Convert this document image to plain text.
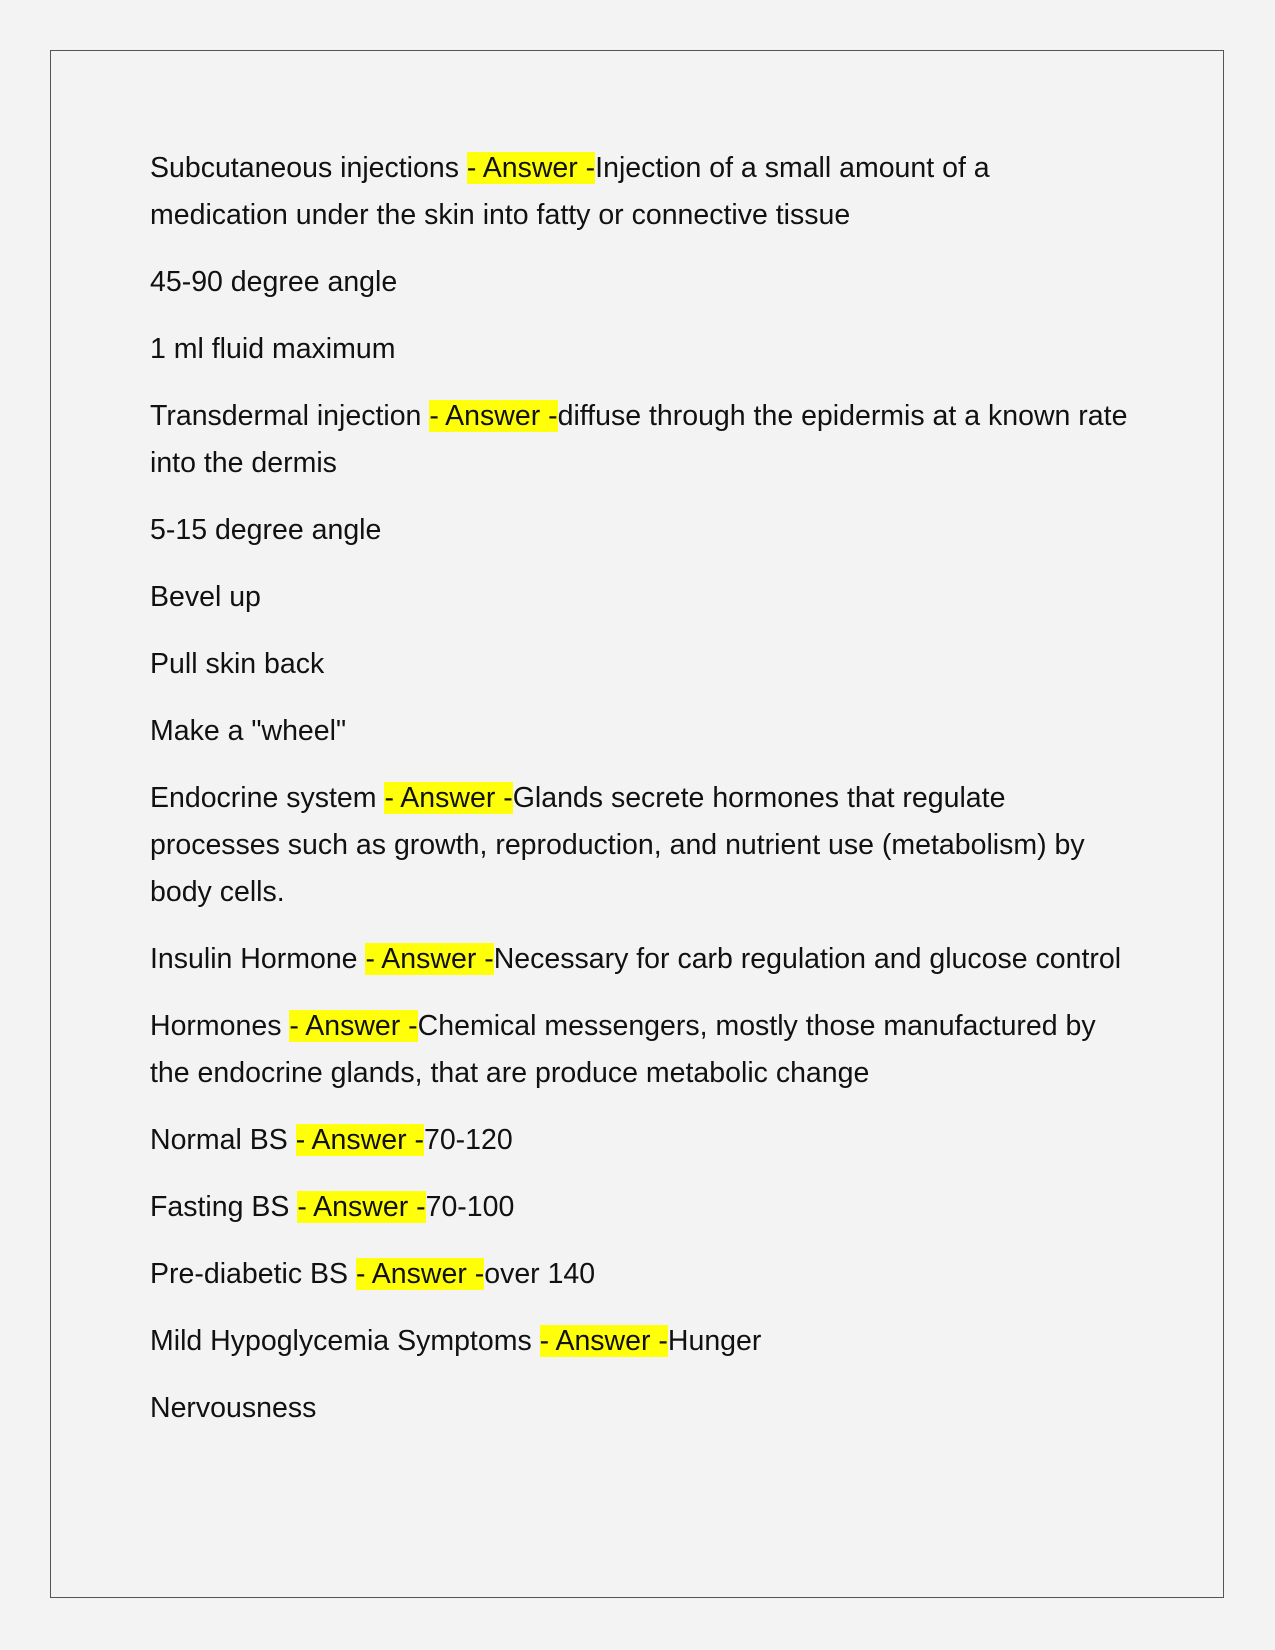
Subcutaneous injections - Answer -Injection of a small amount of a medication under the skin into fatty or connective tissue

45-90 degree angle

1 ml fluid maximum

Transdermal injection - Answer -diffuse through the epidermis at a known rate into the dermis

5-15 degree angle

Bevel up

Pull skin back

Make a "wheel"

Endocrine system - Answer -Glands secrete hormones that regulate processes such as growth, reproduction, and nutrient use (metabolism) by body cells.

Insulin Hormone - Answer -Necessary for carb regulation and glucose control

Hormones - Answer -Chemical messengers, mostly those manufactured by the endocrine glands, that are produce metabolic change

Normal BS - Answer -70-120

Fasting BS - Answer -70-100

Pre-diabetic BS - Answer -over 140

Mild Hypoglycemia Symptoms - Answer -Hunger

Nervousness
